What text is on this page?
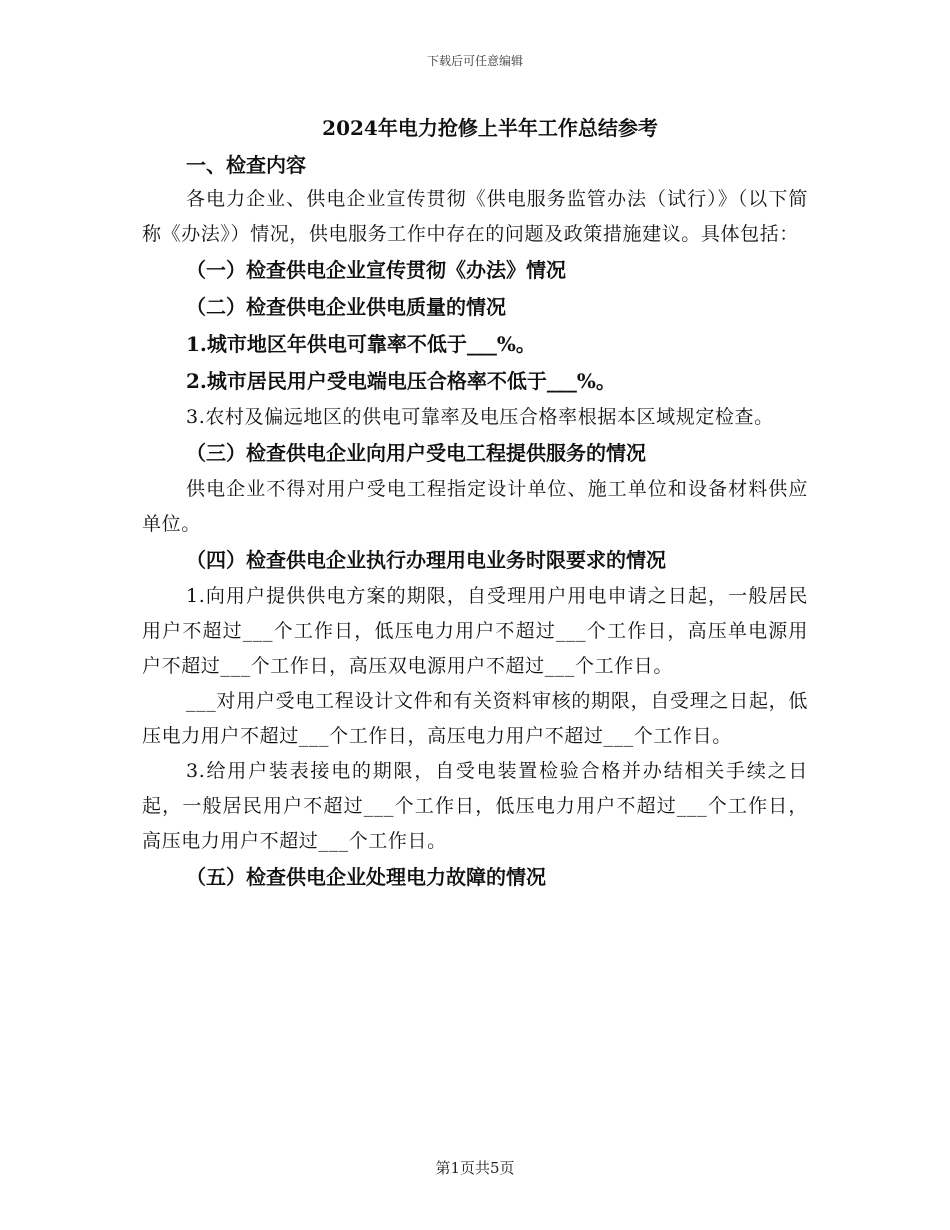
下载后可任意编辑

2024年电力抢修上半年工作总结参考

一、检查内容

各电力企业、供电企业宣传贯彻《供电服务监管办法（试行）》（以下简称《办法》）情况，供电服务工作中存在的问题及政策措施建议。具体包括：

（一）检查供电企业宣传贯彻《办法》情况

（二）检查供电企业供电质量的情况

1.城市地区年供电可靠率不低于___%。

2.城市居民用户受电端电压合格率不低于___%。

3.农村及偏远地区的供电可靠率及电压合格率根据本区域规定检查。

（三）检查供电企业向用户受电工程提供服务的情况

供电企业不得对用户受电工程指定设计单位、施工单位和设备材料供应单位。

（四）检查供电企业执行办理用电业务时限要求的情况

1.向用户提供供电方案的期限，自受理用户用电申请之日起，一般居民用户不超过___个工作日，低压电力用户不超过___个工作日，高压单电源用户不超过___个工作日，高压双电源用户不超过___个工作日。

___对用户受电工程设计文件和有关资料审核的期限，自受理之日起，低压电力用户不超过___个工作日，高压电力用户不超过___个工作日。

3.给用户装表接电的期限，自受电装置检验合格并办结相关手续之日起，一般居民用户不超过___个工作日，低压电力用户不超过___个工作日，高压电力用户不超过___个工作日。

（五）检查供电企业处理电力故障的情况

第1页共5页
